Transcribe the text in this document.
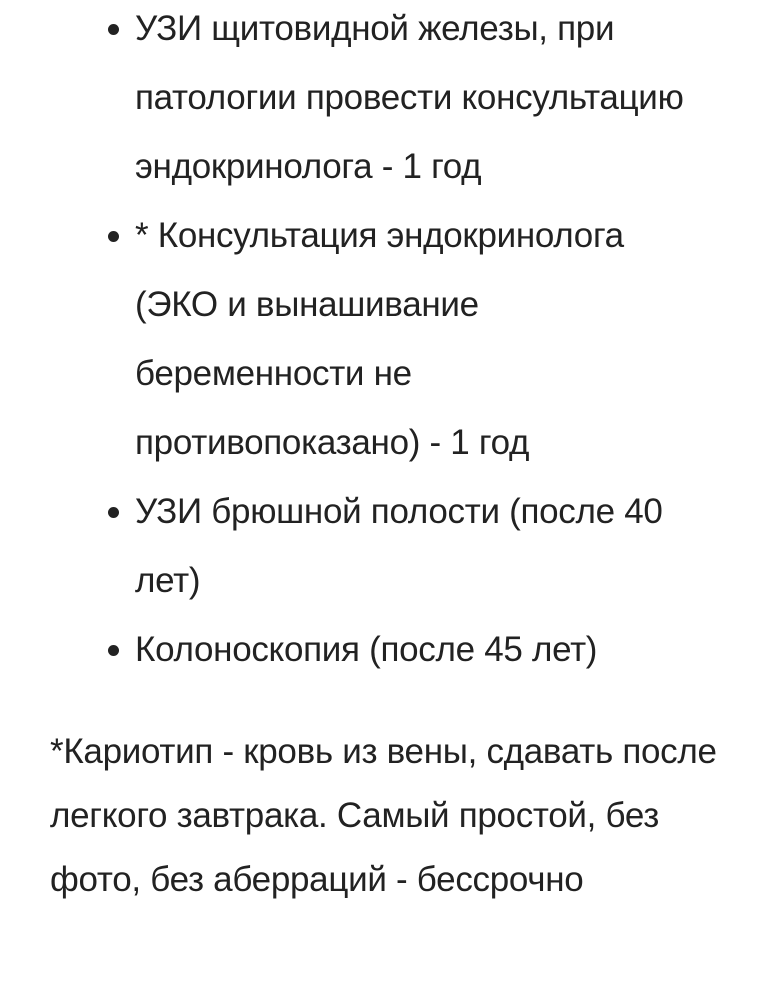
УЗИ щитовидной железы, при патологии провести консультацию эндокринолога - 1 год
* Консультация эндокринолога (ЭКО и вынашивание беременности не противопоказано) - 1 год
УЗИ брюшной полости (после 40 лет)
Колоноскопия (после 45 лет)

*Кариотип - кровь из вены, сдавать после легкого завтрака. Самый простой, без фото, без аберраций - бессрочно
